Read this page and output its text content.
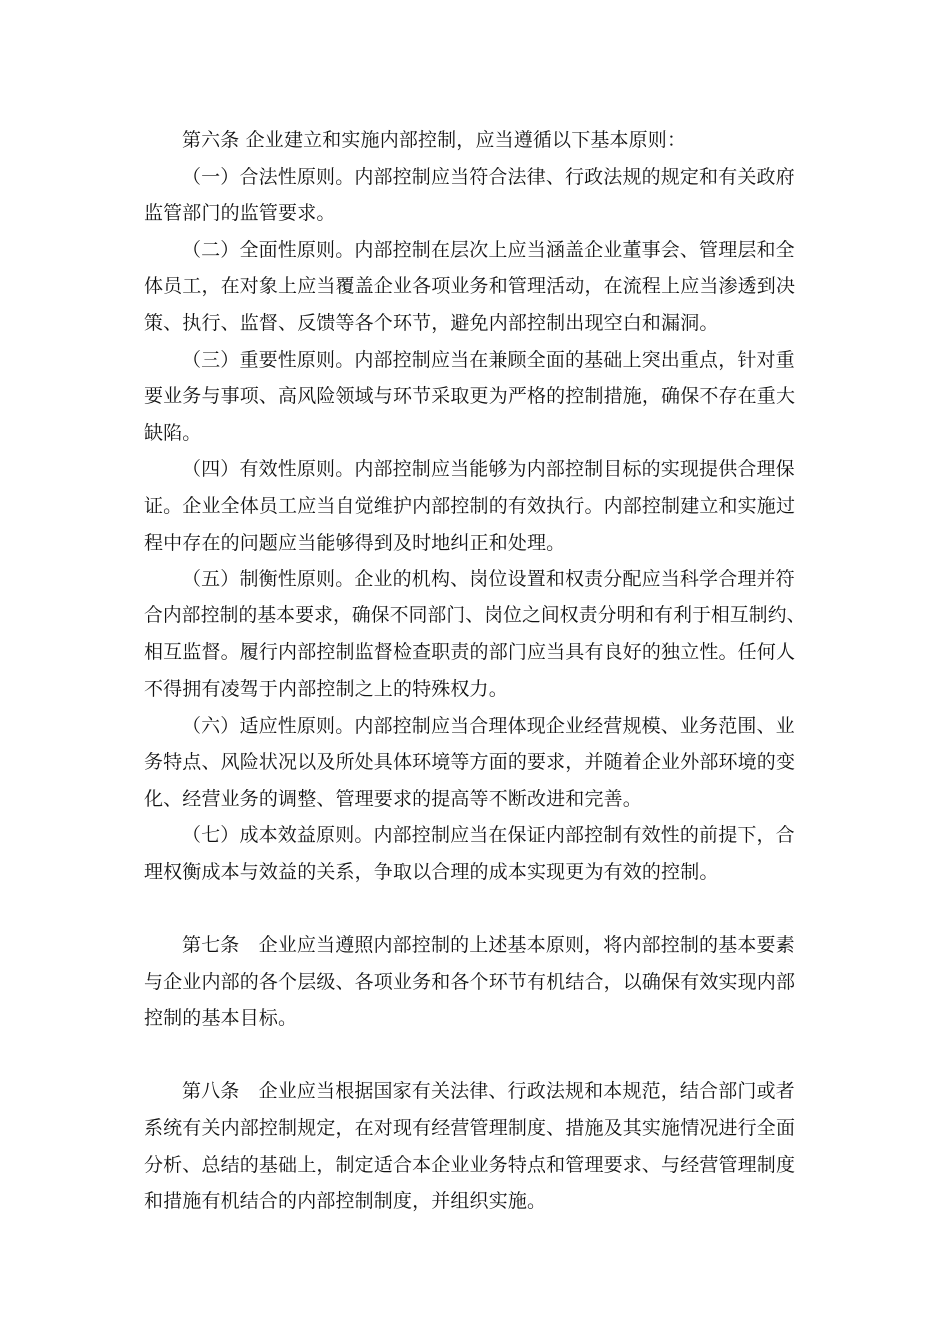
第六条 企业建立和实施内部控制，应当遵循以下基本原则：
（一）合法性原则。内部控制应当符合法律、行政法规的规定和有关政府
监管部门的监管要求。
（二）全面性原则。内部控制在层次上应当涵盖企业董事会、管理层和全
体员工，在对象上应当覆盖企业各项业务和管理活动，在流程上应当渗透到决
策、执行、监督、反馈等各个环节，避免内部控制出现空白和漏洞。
（三）重要性原则。内部控制应当在兼顾全面的基础上突出重点，针对重
要业务与事项、高风险领域与环节采取更为严格的控制措施，确保不存在重大
缺陷。
（四）有效性原则。内部控制应当能够为内部控制目标的实现提供合理保
证。企业全体员工应当自觉维护内部控制的有效执行。内部控制建立和实施过
程中存在的问题应当能够得到及时地纠正和处理。
（五）制衡性原则。企业的机构、岗位设置和权责分配应当科学合理并符
合内部控制的基本要求，确保不同部门、岗位之间权责分明和有利于相互制约、
相互监督。履行内部控制监督检查职责的部门应当具有良好的独立性。任何人
不得拥有凌驾于内部控制之上的特殊权力。
（六）适应性原则。内部控制应当合理体现企业经营规模、业务范围、业
务特点、风险状况以及所处具体环境等方面的要求，并随着企业外部环境的变
化、经营业务的调整、管理要求的提高等不断改进和完善。
（七）成本效益原则。内部控制应当在保证内部控制有效性的前提下，合
理权衡成本与效益的关系，争取以合理的成本实现更为有效的控制。
第七条　企业应当遵照内部控制的上述基本原则，将内部控制的基本要素
与企业内部的各个层级、各项业务和各个环节有机结合，以确保有效实现内部
控制的基本目标。
第八条　企业应当根据国家有关法律、行政法规和本规范，结合部门或者
系统有关内部控制规定，在对现有经营管理制度、措施及其实施情况进行全面
分析、总结的基础上，制定适合本企业业务特点和管理要求、与经营管理制度
和措施有机结合的内部控制制度，并组织实施。
